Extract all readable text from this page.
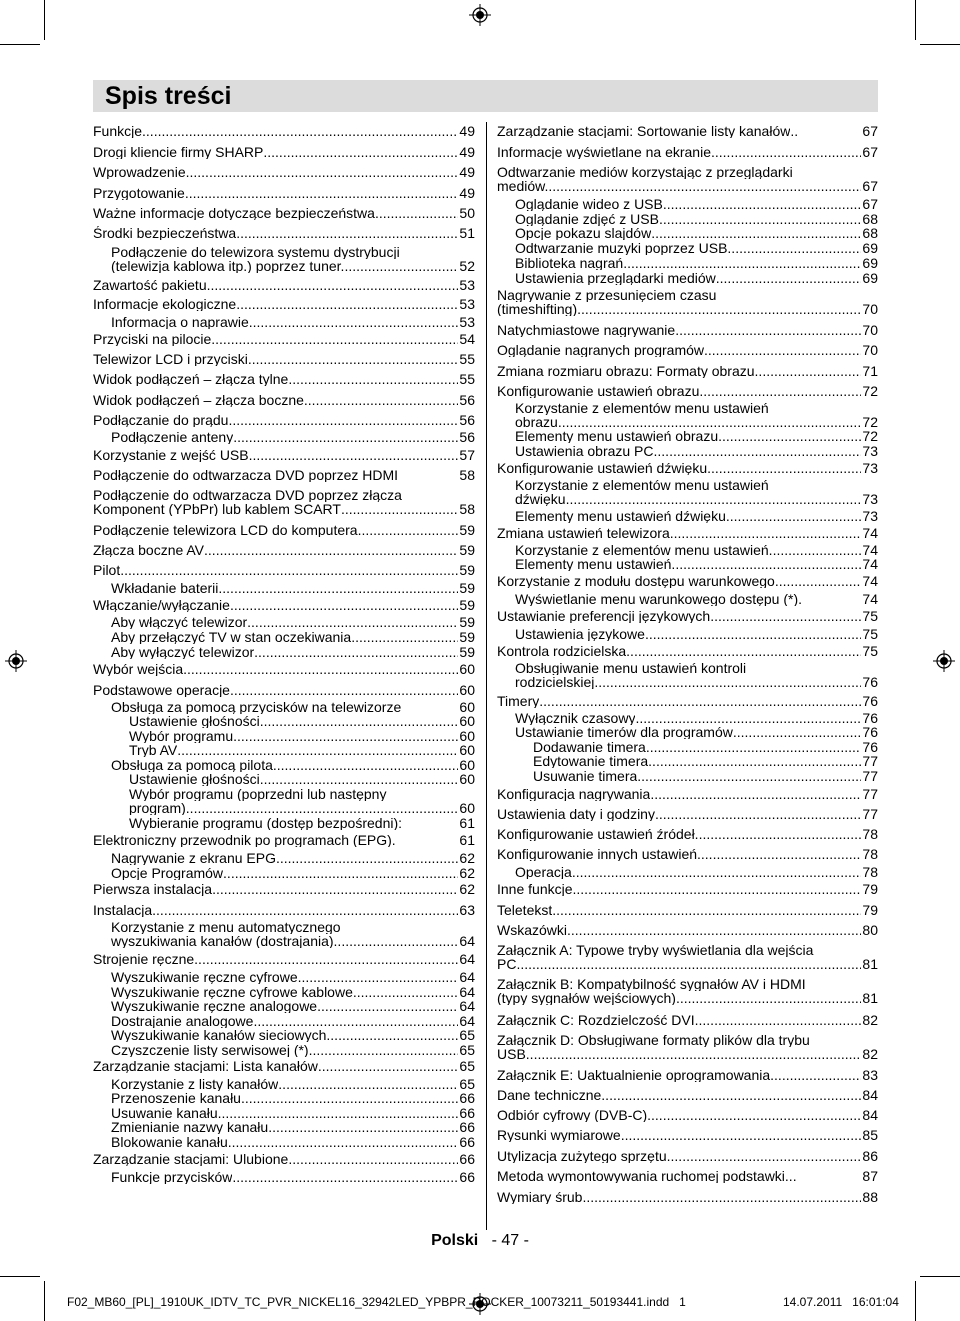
Spis treści
Funkcje .....	49
Drogi kliencie firmy SHARP .....	49
Wprowadzenie .....	49
Przygotowanie .....	49
Ważne informacje dotyczące bezpieczeństwa .....	50
Środki bezpieczeństwa .....	51
Podłączenie do telewizora systemu dystrybucji
(telewizja kablowa itp.) poprzez tuner. .....	52
Zawartość pakietu .....	53
Informacje ekologiczne .....	53
Informacja o naprawie .....	53
Przyciski na pilocie .....	54
Telewizor LCD i przyciski .....	55
Widok podłączeń – złącza tylne .....	55
Widok podłączeń – złącza boczne .....	56
Podłączanie do prądu .....	56
Podłączenie anteny .....	56
Korzystanie z wejść USB .....	57
Podłączenie do odtwarzacza DVD poprzez HDMI	58
Podłączenie do odtwarzacza DVD poprzez złącza
Komponent (YPbPr) lub kablem SCART .....	58
Podłączenie telewizora LCD do komputera .....	59
Złącza boczne AV .....	59
Pilot .....	59
Wkładanie baterii .....	59
Włączanie/wyłączanie .....	59
Aby włączyć telewizor .....	59
Aby przełączyć TV w stan oczekiwania .....	59
Aby wyłączyć telewizor .....	59
Wybór wejścia .....	60
Podstawowe operacje .....	60
Obsługa za pomocą przycisków na telewizorze	60
Ustawienie głośności .....	60
Wybór programu .....	60
Tryb AV .....	60
Obsługa za pomocą pilota .....	60
Ustawienie głośności .....	60
Wybór programu (poprzedni lub następny
program) .....	60
Wybieranie programu (dostęp bezpośredni) :	61
Elektroniczny przewodnik po programach (EPG) .	61
Nagrywanie z ekranu EPG .....	62
Opcje Programów .....	62
Pierwsza instalacja .....	62
Instalacja .....	63
Korzystanie z menu automatycznego
wyszukiwania kanałów (dostrajania) .....	64
Strojenie ręczne .....	64
Wyszukiwanie ręczne cyfrowe .....	64
Wyszukiwanie ręczne cyfrowe kablowe .....	64
Wyszukiwanie ręczne analogowe .....	64
Dostrajanie analogowe .....	64
Wyszukiwanie kanałów sieciowych .....	65
Czyszczenie listy serwisowej (*) .....	65
Zarządzanie stacjami: Lista kanałów .....	65
Korzystanie z listy kanałów .....	65
Przenoszenie kanału .....	66
Usuwanie kanału .....	66
Zmienianie nazwy kanału .....	66
Blokowanie kanału .....	66
Zarządzanie stacjami: Ulubione .....	66
Funkcje przycisków .....	66
Zarządzanie stacjami: Sortowanie listy kanałów ..	67
Informacje wyświetlane na ekranie .....	67
Odtwarzanie mediów korzystając z przeglądarki
mediów. .....	67
Oglądanie wideo z USB. .....	67
Oglądanie zdjęć z USB .....	68
Opcje pokazu slajdów .....	68
Odtwarzanie muzyki poprzez USB .....	69
Biblioteka nagrań .....	69
Ustawienia przeglądarki mediów .....	69
Nagrywanie z przesunięciem czasu
(timeshifting) .....	70
Natychmiastowe nagrywanie .....	70
Oglądanie nagranych programów .....	70
Zmiana rozmiaru obrazu: Formaty obrazu .....	71
Konfigurowanie ustawień obrazu. .....	72
Korzystanie z elementów menu ustawień
obrazu .....	72
Elementy menu ustawień obrazu. .....	72
Ustawienia obrazu PC .....	73
Konfigurowanie ustawień dźwięku. .....	73
Korzystanie z elementów menu ustawień
dźwięku .....	73
Elementy menu ustawień dźwięku. .....	73
Zmiana ustawień telewizora .....	74
Korzystanie z elementów menu ustawień. .....	74
Elementy menu ustawień. .....	74
Korzystanie z modułu dostępu warunkowego .....	74
Wyświetlanie menu warunkowego dostępu (*) .	74
Ustawianie preferencji językowych .....	75
Ustawienia językowe .....	75
Kontrola rodzicielska .....	75
Obsługiwanie menu ustawień kontroli
rodzicielskiej .....	76
Timery .....	76
Wyłącznik czasowy .....	76
Ustawianie timerów dla programów .....	76
Dodawanie timera .....	76
Edytowanie timera .....	77
Usuwanie timera .....	77
Konfiguracja nagrywania .....	77
Ustawienia daty i godziny .....	77
Konfigurowanie ustawień źródeł. .....	78
Konfigurowanie innych ustawień .....	78
Operacja .....	78
Inne funkcje .....	79
Teletekst .....	79
Wskazówki .....	80
Załącznik A: Typowe tryby wyświetlania dla wejścia
PC. .....	81
Załącznik B: Kompatybilność sygnałów AV i HDMI
(typy sygnałów wejściowych) .....	81
Załącznik C: Rozdzielczość DVI .....	82
Załącznik D: Obsługiwane formaty plików dla trybu
USB .....	82
Załącznik E: Uaktualnienie oprogramowania .....	83
Dane techniczne .....	84
Odbiór cyfrowy (DVB-C) .....	84
Rysunki wymiarowe .....	85
Utylizacja zużytego sprzętu .....	86
Metoda wymontowywania ruchomej podstawki ...	87
Wymiary śrub .....	88
Polski - 47 -
F02_MB60_[PL]_1910UK_IDTV_TC_PVR_NICKEL16_32942LED_YPBPR_ROCKER_10073211_50193441.indd   1	14.07.2011   16:01:04
